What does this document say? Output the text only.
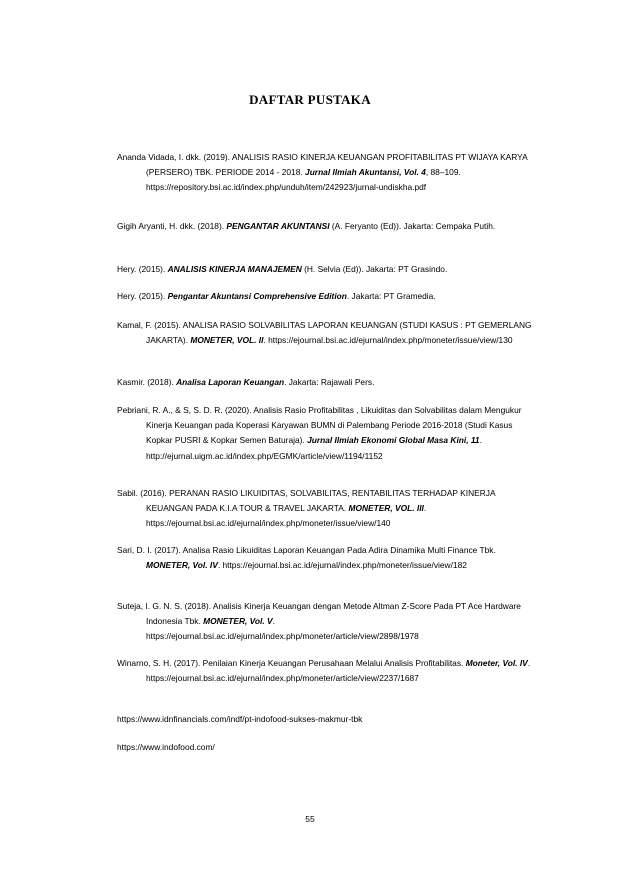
DAFTAR PUSTAKA
Ananda Vidada, I. dkk. (2019). ANALISIS RASIO KINERJA KEUANGAN PROFITABILITAS PT WIJAYA KARYA (PERSERO) TBK. PERIODE 2014 - 2018. Jurnal Ilmiah Akuntansi, Vol. 4, 88–109. https://repository.bsi.ac.id/index.php/unduh/item/242923/jurnal-undiskha.pdf
Gigih Aryanti, H. dkk. (2018). PENGANTAR AKUNTANSI (A. Feryanto (Ed)). Jakarta: Cempaka Putih.
Hery. (2015). ANALISIS KINERJA MANAJEMEN (H. Selvia (Ed)). Jakarta: PT Grasindo.
Hery. (2015). Pengantar Akuntansi Comprehensive Edition. Jakarta: PT Gramedia.
Kamal, F. (2015). ANALISA RASIO SOLVABILITAS LAPORAN KEUANGAN (STUDI KASUS : PT GEMERLANG JAKARTA). MONETER, VOL. II. https://ejournal.bsi.ac.id/ejurnal/index.php/moneter/issue/view/130
Kasmir. (2018). Analisa Laporan Keuangan. Jakarta: Rajawali Pers.
Pebriani, R. A., & S, S. D. R. (2020). Analisis Rasio Profitabilitas , Likuiditas dan Solvabilitas dalam Mengukur Kinerja Keuangan pada Koperasi Karyawan BUMN di Palembang Periode 2016-2018 (Studi Kasus Kopkar PUSRI & Kopkar Semen Baturaja). Jurnal Ilmiah Ekonomi Global Masa Kini, 11. http://ejurnal.uigm.ac.id/index.php/EGMK/article/view/1194/1152
Sabil. (2016). PERANAN RASIO LIKUIDITAS, SOLVABILITAS, RENTABILITAS TERHADAP KINERJA KEUANGAN PADA K.I.A TOUR & TRAVEL JAKARTA. MONETER, VOL. III. https://ejournal.bsi.ac.id/ejurnal/index.php/moneter/issue/view/140
Sari, D. I. (2017). Analisa Rasio Likuiditas Laporan Keuangan Pada Adira Dinamika Multi Finance Tbk. MONETER, Vol. IV. https://ejournal.bsi.ac.id/ejurnal/index.php/moneter/issue/view/182
Suteja, I. G. N. S. (2018). Analisis Kinerja Keuangan dengan Metode Altman Z-Score Pada PT Ace Hardware Indonesia Tbk. MONETER, Vol. V. https://ejournal.bsi.ac.id/ejurnal/index.php/moneter/article/view/2898/1978
Winarno, S. H. (2017). Penilaian Kinerja Keuangan Perusahaan Melalui Analisis Profitabilitas. Moneter, Vol. IV. https://ejournal.bsi.ac.id/ejurnal/index.php/moneter/article/view/2237/1687
https://www.idnfinancials.com/indf/pt-indofood-sukses-makmur-tbk
https://www.indofood.com/
55
